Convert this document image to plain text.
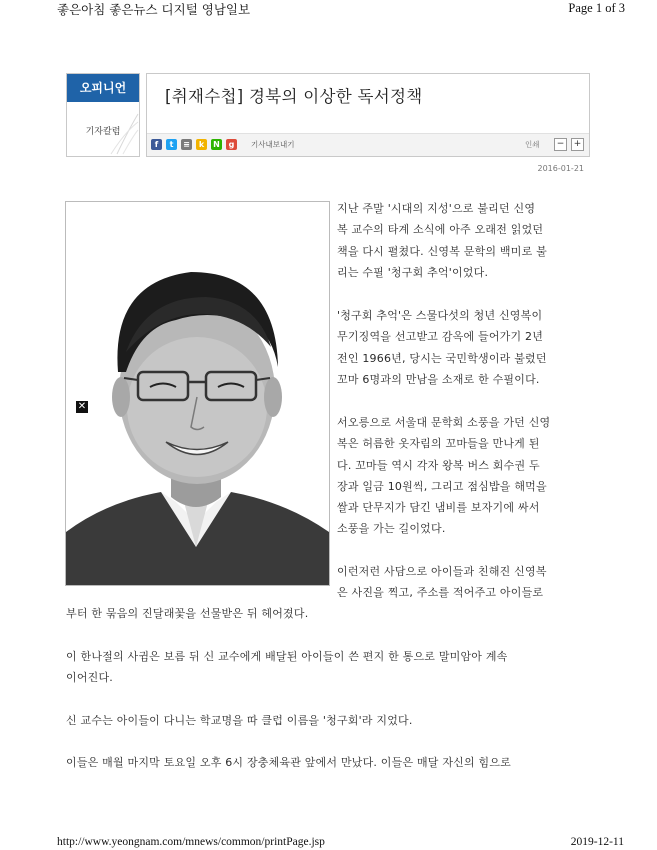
좋은아침 좋은뉴스 디지털 영남일보	Page 1 of 3
오피니언
기자칼럼
[취재수첩] 경북의 이상한 독서정책
f	t	≡	k	N	g	기사내보내기	인쇄	−	+
2016-01-21
✕

지난 주말 '시대의 지성'으로 불리던 신영
복 교수의 타계 소식에 아주 오래전 읽었던
책을 다시 펼쳤다. 신영복 문학의 백미로 불
리는 수필 '청구회 추억'이었다.

'청구회 추억'은 스물다섯의 청년 신영복이
무기징역을 선고받고 감옥에 들어가기 2년
전인 1966년, 당시는 국민학생이라 불렸던
꼬마 6명과의 만남을 소재로 한 수필이다.

서오릉으로 서울대 문학회 소풍을 가던 신영
복은 허름한 옷자림의 꼬마들을 만나게 된
다. 꼬마들 역시 각자 왕복 버스 회수권 두
장과 일금 10원씩, 그리고 점심밥을 해먹을
쌀과 단무지가 담긴 냄비를 보자기에 싸서
소풍을 가는 길이었다.

이런저런 사담으로 아이들과 친해진 신영복
은 사진을 찍고, 주소를 적어주고 아이들로

부터 한 묶음의 진달래꽃을 선물받은 뒤 헤어졌다.

이 한나절의 사귐은 보름 뒤 신 교수에게 배달된 아이들이 쓴 편지 한 통으로 말미암아 계속
이어진다.

신 교수는 아이들이 다니는 학교명을 따 클럽 이름을 '청구회'라 지었다.

이들은 매월 마지막 토요일 오후 6시 장충체육관 앞에서 만났다. 이들은 매달 자신의 힘으로

http://www.yeongnam.com/mnews/common/printPage.jsp	2019-12-11
